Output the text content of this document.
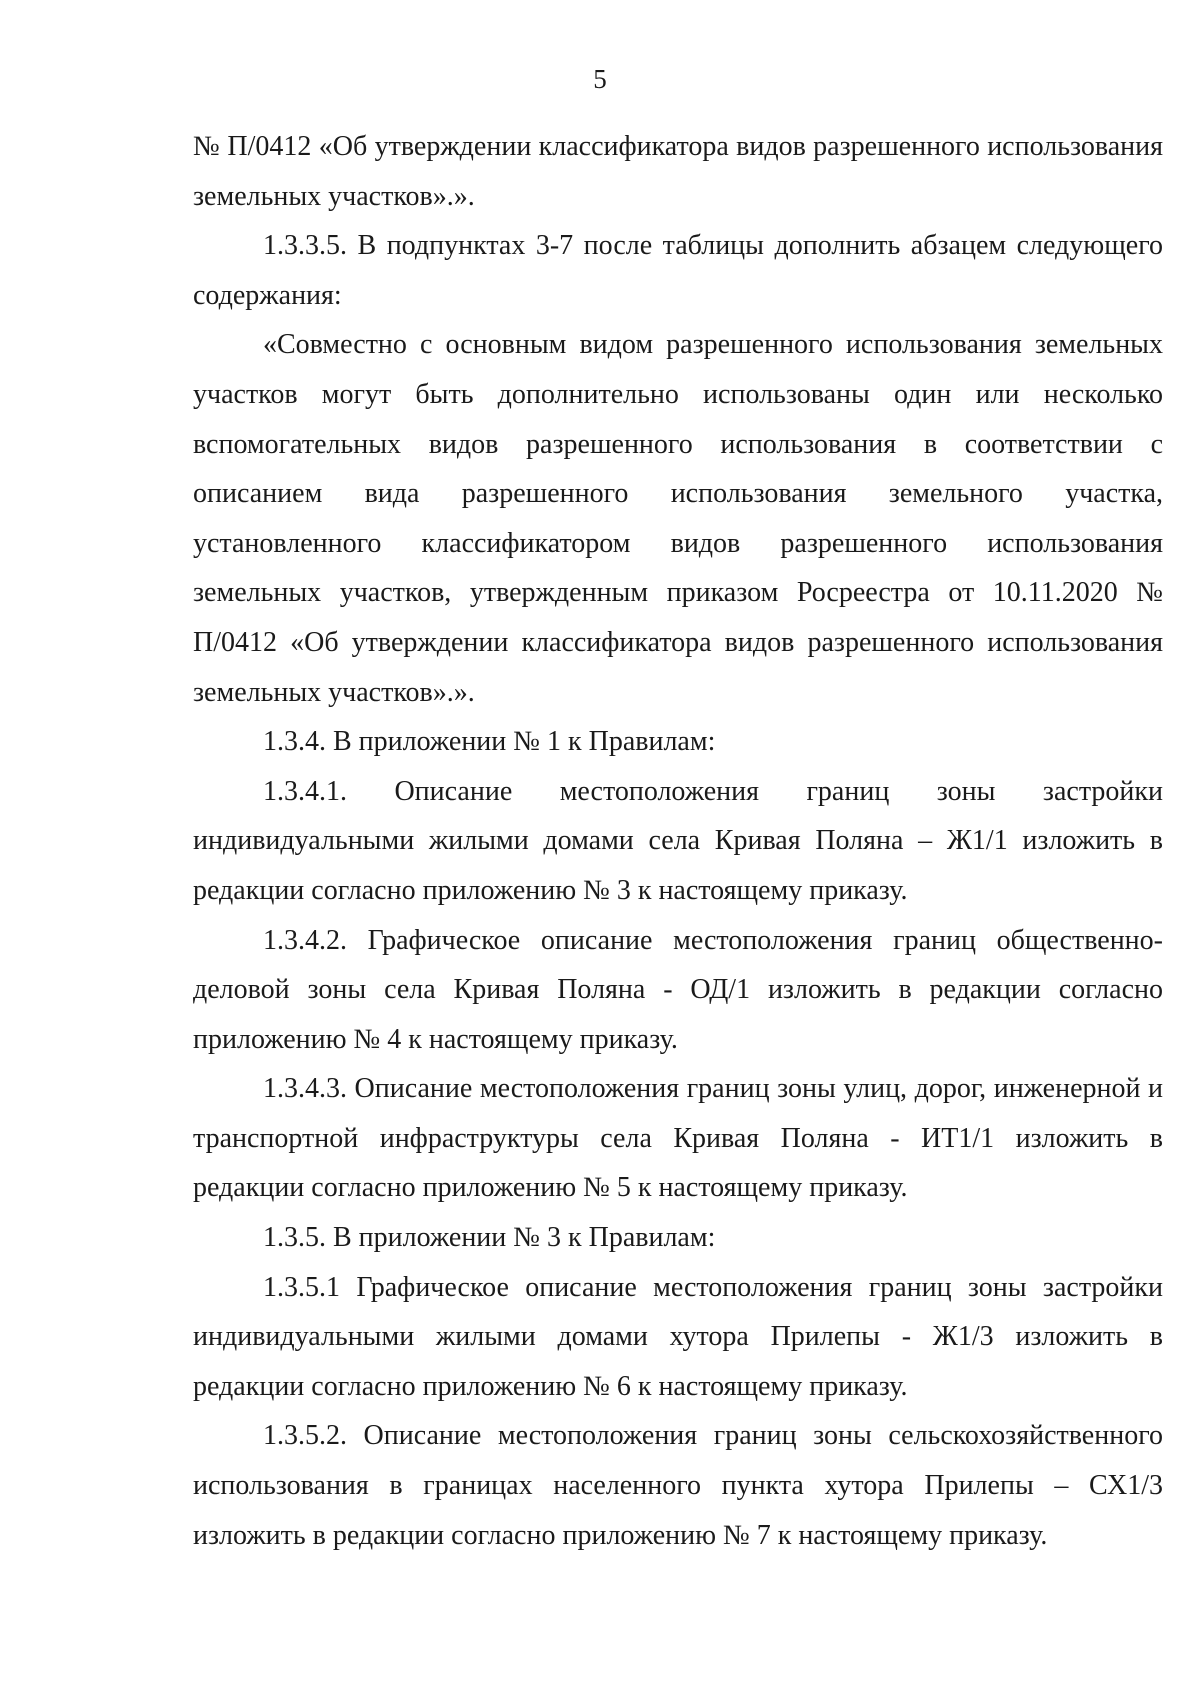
5

№ П/0412 «Об утверждении классификатора видов разрешенного использования земельных участков».».

1.3.3.5. В подпунктах 3-7 после таблицы дополнить абзацем следующего содержания:

«Совместно с основным видом разрешенного использования земельных участков могут быть дополнительно использованы один или несколько вспомогательных видов разрешенного использования в соответствии с описанием вида разрешенного использования земельного участка, установленного классификатором видов разрешенного использования земельных участков, утвержденным приказом Росреестра от 10.11.2020 № П/0412 «Об утверждении классификатора видов разрешенного использования земельных участков».».

1.3.4. В приложении № 1 к Правилам:

1.3.4.1. Описание местоположения границ зоны застройки индивидуальными жилыми домами села Кривая Поляна – Ж1/1 изложить в редакции согласно приложению № 3 к настоящему приказу.

1.3.4.2. Графическое описание местоположения границ общественно-деловой зоны села Кривая Поляна - ОД/1 изложить в редакции согласно приложению № 4 к настоящему приказу.

1.3.4.3. Описание местоположения границ зоны улиц, дорог, инженерной и транспортной инфраструктуры села Кривая Поляна - ИТ1/1 изложить в редакции согласно приложению № 5 к настоящему приказу.

1.3.5. В приложении № 3 к Правилам:

1.3.5.1 Графическое описание местоположения границ зоны застройки индивидуальными жилыми домами хутора Прилепы - Ж1/3 изложить в редакции согласно приложению № 6 к настоящему приказу.

1.3.5.2. Описание местоположения границ зоны сельскохозяйственного использования в границах населенного пункта хутора Прилепы – СХ1/3 изложить в редакции согласно приложению № 7 к настоящему приказу.
